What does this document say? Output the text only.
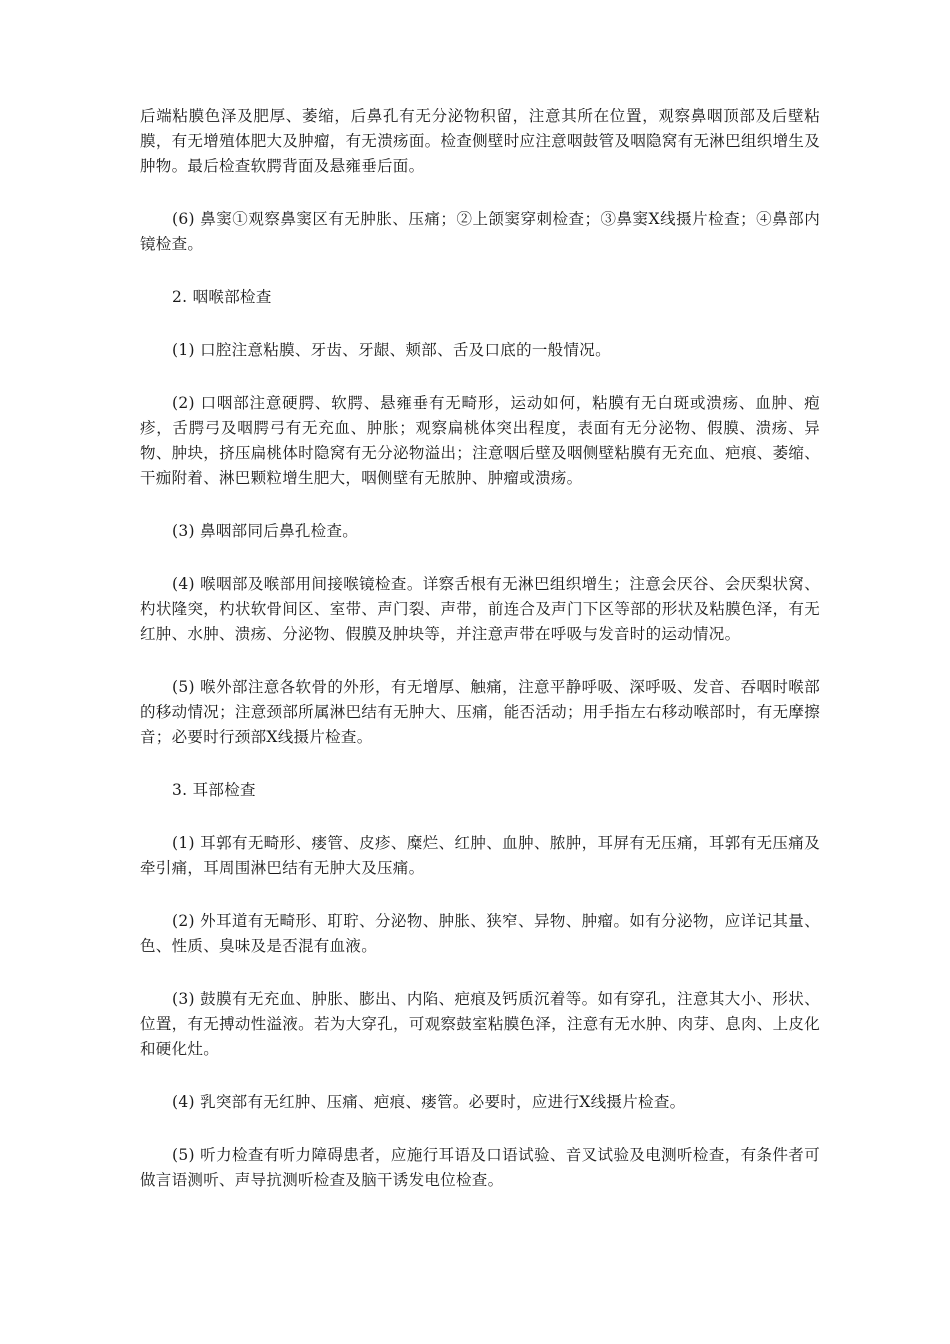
后端粘膜色泽及肥厚、萎缩，后鼻孔有无分泌物积留，注意其所在位置，观察鼻咽顶部及后壁粘膜，有无增殖体肥大及肿瘤，有无溃疡面。检查侧壁时应注意咽鼓管及咽隐窝有无淋巴组织增生及肿物。最后检查软腭背面及悬雍垂后面。

(6) 鼻窦①观察鼻窦区有无肿胀、压痛；②上颌窦穿刺检查；③鼻窦X线摄片检查；④鼻部内镜检查。

2. 咽喉部检查

(1) 口腔注意粘膜、牙齿、牙龈、颊部、舌及口底的一般情况。

(2) 口咽部注意硬腭、软腭、悬雍垂有无畸形，运动如何，粘膜有无白斑或溃疡、血肿、疱疹，舌腭弓及咽腭弓有无充血、肿胀；观察扁桃体突出程度，表面有无分泌物、假膜、溃疡、异物、肿块，挤压扁桃体时隐窝有无分泌物溢出；注意咽后壁及咽侧壁粘膜有无充血、疤痕、萎缩、干痂附着、淋巴颗粒增生肥大，咽侧壁有无脓肿、肿瘤或溃疡。

(3) 鼻咽部同后鼻孔检查。

(4) 喉咽部及喉部用间接喉镜检查。详察舌根有无淋巴组织增生；注意会厌谷、会厌梨状窝、杓状隆突，杓状软骨间区、室带、声门裂、声带，前连合及声门下区等部的形状及粘膜色泽，有无红肿、水肿、溃疡、分泌物、假膜及肿块等，并注意声带在呼吸与发音时的运动情况。

(5) 喉外部注意各软骨的外形，有无增厚、触痛，注意平静呼吸、深呼吸、发音、吞咽时喉部的移动情况；注意颈部所属淋巴结有无肿大、压痛，能否活动；用手指左右移动喉部时，有无摩擦音；必要时行颈部X线摄片检查。

3. 耳部检查

(1) 耳郭有无畸形、瘘管、皮疹、糜烂、红肿、血肿、脓肿，耳屏有无压痛，耳郭有无压痛及牵引痛，耳周围淋巴结有无肿大及压痛。

(2) 外耳道有无畸形、耵聍、分泌物、肿胀、狭窄、异物、肿瘤。如有分泌物，应详记其量、色、性质、臭味及是否混有血液。

(3) 鼓膜有无充血、肿胀、膨出、内陷、疤痕及钙质沉着等。如有穿孔，注意其大小、形状、位置，有无搏动性溢液。若为大穿孔，可观察鼓室粘膜色泽，注意有无水肿、肉芽、息肉、上皮化和硬化灶。

(4) 乳突部有无红肿、压痛、疤痕、瘘管。必要时，应进行X线摄片检查。

(5) 听力检查有听力障碍患者，应施行耳语及口语试验、音叉试验及电测听检查，有条件者可做言语测听、声导抗测听检查及脑干诱发电位检查。
